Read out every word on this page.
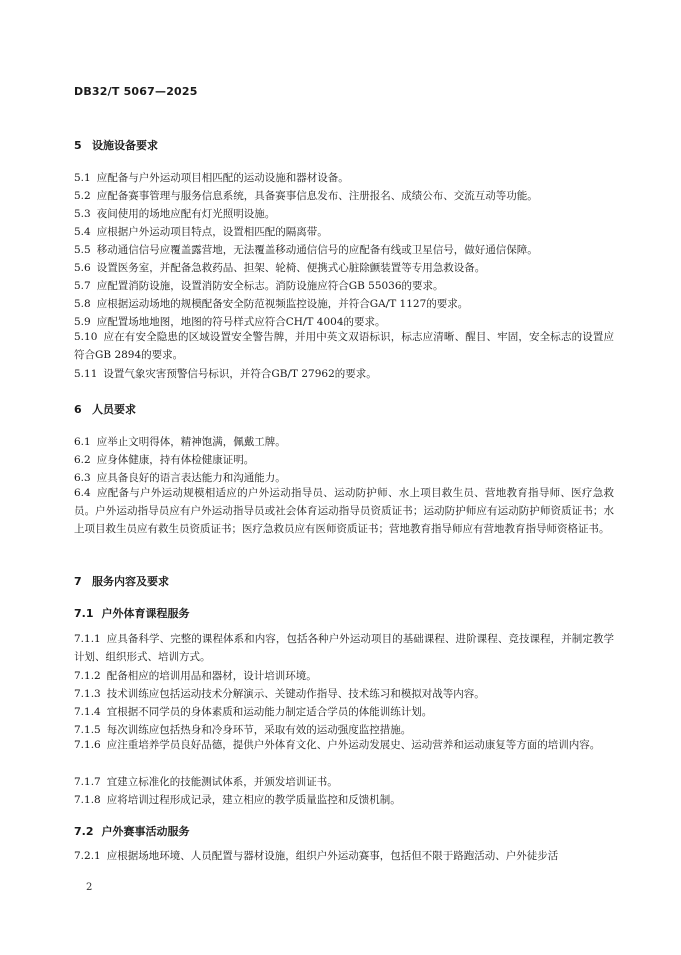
DB32/T 5067—2025
5 设施设备要求
5.1 应配备与户外运动项目相匹配的运动设施和器材设备。
5.2 应配备赛事管理与服务信息系统，具备赛事信息发布、注册报名、成绩公布、交流互动等功能。
5.3 夜间使用的场地应配有灯光照明设施。
5.4 应根据户外运动项目特点，设置相匹配的隔离带。
5.5 移动通信信号应覆盖露营地，无法覆盖移动通信信号的应配备有线或卫星信号，做好通信保障。
5.6 设置医务室，并配备急救药品、担架、轮椅、便携式心脏除颤装置等专用急救设备。
5.7 应配置消防设施，设置消防安全标志。消防设施应符合GB 55036的要求。
5.8 应根据运动场地的规模配备安全防范视频监控设施，并符合GA/T 1127的要求。
5.9 应配置场地地图，地图的符号样式应符合CH/T 4004的要求。
5.10 应在有安全隐患的区域设置安全警告牌，并用中英文双语标识，标志应清晰、醒目、牢固，安全标志的设置应符合GB 2894的要求。
5.11 设置气象灾害预警信号标识，并符合GB/T 27962的要求。
6 人员要求
6.1 应举止文明得体，精神饱满，佩戴工牌。
6.2 应身体健康，持有体检健康证明。
6.3 应具备良好的语言表达能力和沟通能力。
6.4 应配备与户外运动规模相适应的户外运动指导员、运动防护师、水上项目救生员、营地教育指导师、医疗急救员。户外运动指导员应有户外运动指导员或社会体育运动指导员资质证书；运动防护师应有运动防护师资质证书；水上项目救生员应有救生员资质证书；医疗急救员应有医师资质证书；营地教育指导师应有营地教育指导师资格证书。
7 服务内容及要求
7.1 户外体育课程服务
7.1.1 应具备科学、完整的课程体系和内容，包括各种户外运动项目的基础课程、进阶课程、竞技课程，并制定教学计划、组织形式、培训方式。
7.1.2 配备相应的培训用品和器材，设计培训环境。
7.1.3 技术训练应包括运动技术分解演示、关键动作指导、技术练习和模拟对战等内容。
7.1.4 宜根据不同学员的身体素质和运动能力制定适合学员的体能训练计划。
7.1.5 每次训练应包括热身和冷身环节，采取有效的运动强度监控措施。
7.1.6 应注重培养学员良好品德，提供户外体育文化、户外运动发展史、运动营养和运动康复等方面的培训内容。
7.1.7 宜建立标准化的技能测试体系，并颁发培训证书。
7.1.8 应将培训过程形成记录，建立相应的教学质量监控和反馈机制。
7.2 户外赛事活动服务
7.2.1 应根据场地环境、人员配置与器材设施，组织户外运动赛事，包括但不限于路跑活动、户外徒步活
2
